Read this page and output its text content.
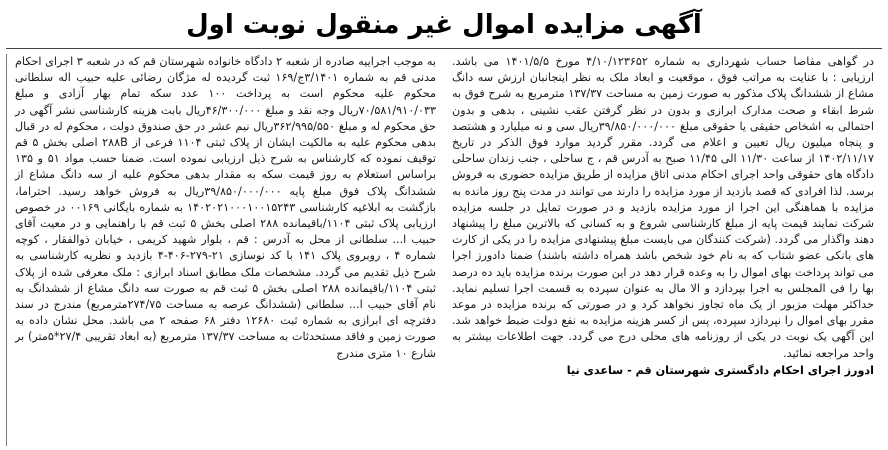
آگهی مزایده اموال غیر منقول نوبت اول
به موجب اجراییه صادره از شعبه ۲ دادگاه خانواده شهرستان قم که در شعبه ۳ اجرای احکام مدنی قم به شماره ۳/۱۴۰۱ج/۱۶۹ ثبت گردیده له مژگان رضائی علیه حبیب اله سلطانی محکوم علیه محکوم است به پرداخت ۱۰۰ عدد سکه تمام بهار آزادی و مبلغ ۷۰/۵۸۱/۹۱۰/۰۳۳ریال وجه نقد و مبلغ ۴۶/۳۰۰/۰۰۰ریال بابت هزینه کارشناسی نشر آگهی در حق محکوم له و مبلغ ۳۶۲/۹۹۵/۵۵۰ریال نیم عشر در حق صندوق دولت ، محکوم له در قبال بدهی محکوم علیه به مالکیت ایشان از پلاک ثبتی ۱۱۰۴ فرعی از ۲۸۸B اصلی بخش ۵ قم توقیف نموده که کارشناس به شرح ذیل ارزیابی نموده است. ضمنا حسب مواد ۵۱ و ۱۳۵ براساس استعلام به روز قیمت سکه به مقدار بدهی محکوم علیه از سه دانگ مشاع از ششدانگ پلاک فوق مبلغ پایه ۳۹/۸۵۰/۰۰۰/۰۰۰ریال به فروش خواهد رسید. احتراما، بازگشت به ابلاغیه کارشناسی ۱۴۰۲۰۲۱۰۰۰۱۰۰۱۵۲۴۳ به شماره بایگانی ۰۰۱۶۹ در خصوص ارزیابی پلاک ثبتی ۱۱۰۴/باقیمانده ۲۸۸ اصلی بخش ۵ ثبت قم با راهنمایی و در معیت آقای حبیب ا... سلطانی از محل به آدرس : قم ، بلوار شهید کریمی ، خیابان ذوالفقار ، کوچه شماره ۴ ، روبروی پلاک ۱۴۱ با کد نوسازی ۲۱-۲۷۹-۴۰۶-۴ بازدید و نظریه کارشناسی به شرح ذیل تقدیم می گردد. مشخصات ملک مطابق اسناد ابرازی : ملک معرفی شده از پلاک ثبتی ۱۱۰۴/باقیمانده ۲۸۸ اصلی بخش ۵ ثبت قم به صورت سه دانگ مشاع از ششدانگ به نام آقای حبیب ا... سلطانی (ششدانگ عرصه به مساحت ۲۷۴/۷۵مترمربع) مندرج در سند دفترچه ای ابرازی به شماره ثبت ۱۲۶۸۰ دفتر ۶۸ صفحه ۲ می باشد. محل نشان داده به صورت زمین و فاقد مستحدثات به مساحت ۱۳۷/۳۷ مترمربع (به ابعاد تقریبی ۲۷/۴*۵متر) بر شارع ۱۰ متری مندرج
در گواهی مفاصا حساب شهرداری به شماره ۴/۱۰/۱۲۳۶۵۲ مورخ ۱۴۰۱/۵/۵ می باشد. ارزیابی : با عنایت به مراتب فوق ، موقعیت و ابعاد ملک به نظر اینجانبان ارزش سه دانگ مشاع از ششدانگ پلاک مذکور به صورت زمین به مساحت ۱۳۷/۳۷ مترمربع به شرح فوق به شرط ابقاء و صحت مدارک ابرازی و بدون در نظر گرفتن عقب نشینی ، بدهی و بدون احتمالی به اشخاص حقیقی یا حقوقی مبلغ ۳۹/۸۵۰/۰۰۰/۰۰۰ریال سی و نه میلیارد و هشتصد و پنجاه میلیون ریال تعیین و اعلام می گردد. مقرر گردید موارد فوق الذکر در تاریخ ۱۴۰۲/۱۱/۱۷ از ساعت ۱۱/۳۰ الی ۱۱/۴۵ صبح به آدرس قم ، ج ساحلی ، جنب زندان ساحلی دادگاه های حقوقی واحد اجرای احکام مدنی اتاق مزایده از طریق مزایده حضوری به فروش برسد. لذا افرادی که قصد بازدید از مورد مزایده را دارند می توانند در مدت پنج روز مانده به مزایده با هماهنگی این اجرا از مورد مزایده بازدید و در صورت تمایل در جلسه مزایده شرکت نمایند قیمت پایه از مبلغ کارشناسی شروع و به کسانی که بالاترین مبلغ را پیشنهاد دهند واگذار می گردد. (شرکت کنندگان می بایست مبلغ پیشنهادی مزایده را در یکی از کارت های بانکی عضو شتاب که به نام خود شخص باشد همراه داشته باشند) ضمنا دادورز اجرا می تواند پرداخت بهای اموال را به وعده قرار دهد در این صورت برنده مزایده باید ده درصد بها را فی المجلس به اجرا بپردازد و الا مال به عنوان سپرده به قسمت اجرا تسلیم نماید. حداکثر مهلت مزبور از یک ماه تجاوز نخواهد کرد و در صورتی که برنده مزایده در موعد مقرر بهای اموال را نپردازد سپرده، پس از کسر هزینه مزایده به نفع دولت ضبط خواهد شد. این آگهی یک نوبت در یکی از روزنامه های محلی درج می گردد. جهت اطلاعات بیشتر به واحد مراجعه نمائید.
ادورز اجرای احکام دادگستری شهرستان قم - ساعدی نیا
